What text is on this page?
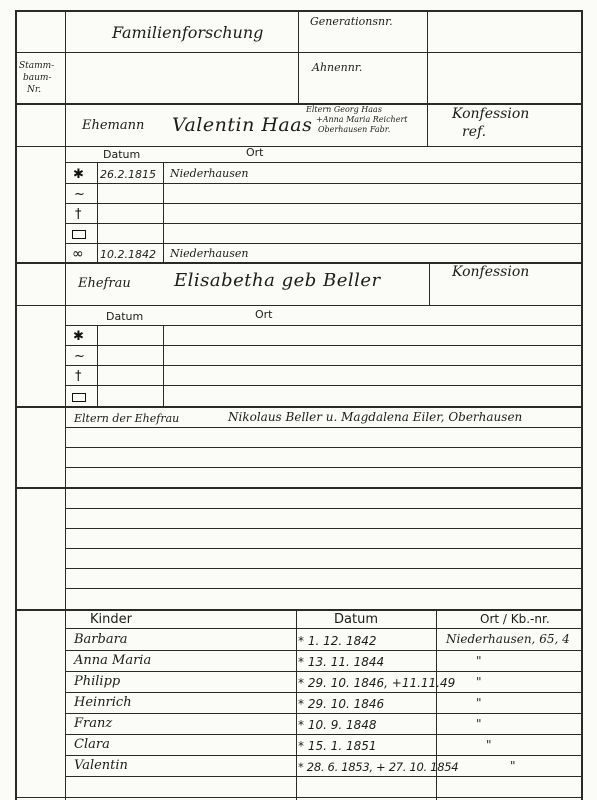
Familienforschung
Generationsnr.
Stamm-
baum-
Nr.
Ahnennr.
Ehemann Valentin Haas
Eltern Georg Haas
+Anna Maria Reichert
Oberhausen Fabr.
Konfession
ref.
Datum	Ort
✱ 26.2.1815 Niederhausen
~
†
∞ 10.2.1842 Niederhausen
Ehefrau Elisabetha geb Beller	Konfession
Datum	Ort
✱
~
†
Eltern der Ehefrau	Nikolaus Beller u. Magdalena Eiler, Oberhausen
Kinder	Datum	Ort / Kb.-nr.
Barbara	* 1. 12. 1842	Niederhausen, 65, 4
Anna Maria	* 13. 11. 1844	"
Philipp	* 29. 10. 1846, +11.11.49 "
Heinrich	* 29. 10. 1846	"
Franz	* 10. 9. 1848	"
Clara	* 15. 1. 1851	"
Valentin	* 28. 6. 1853, + 27. 10. 1854	"
